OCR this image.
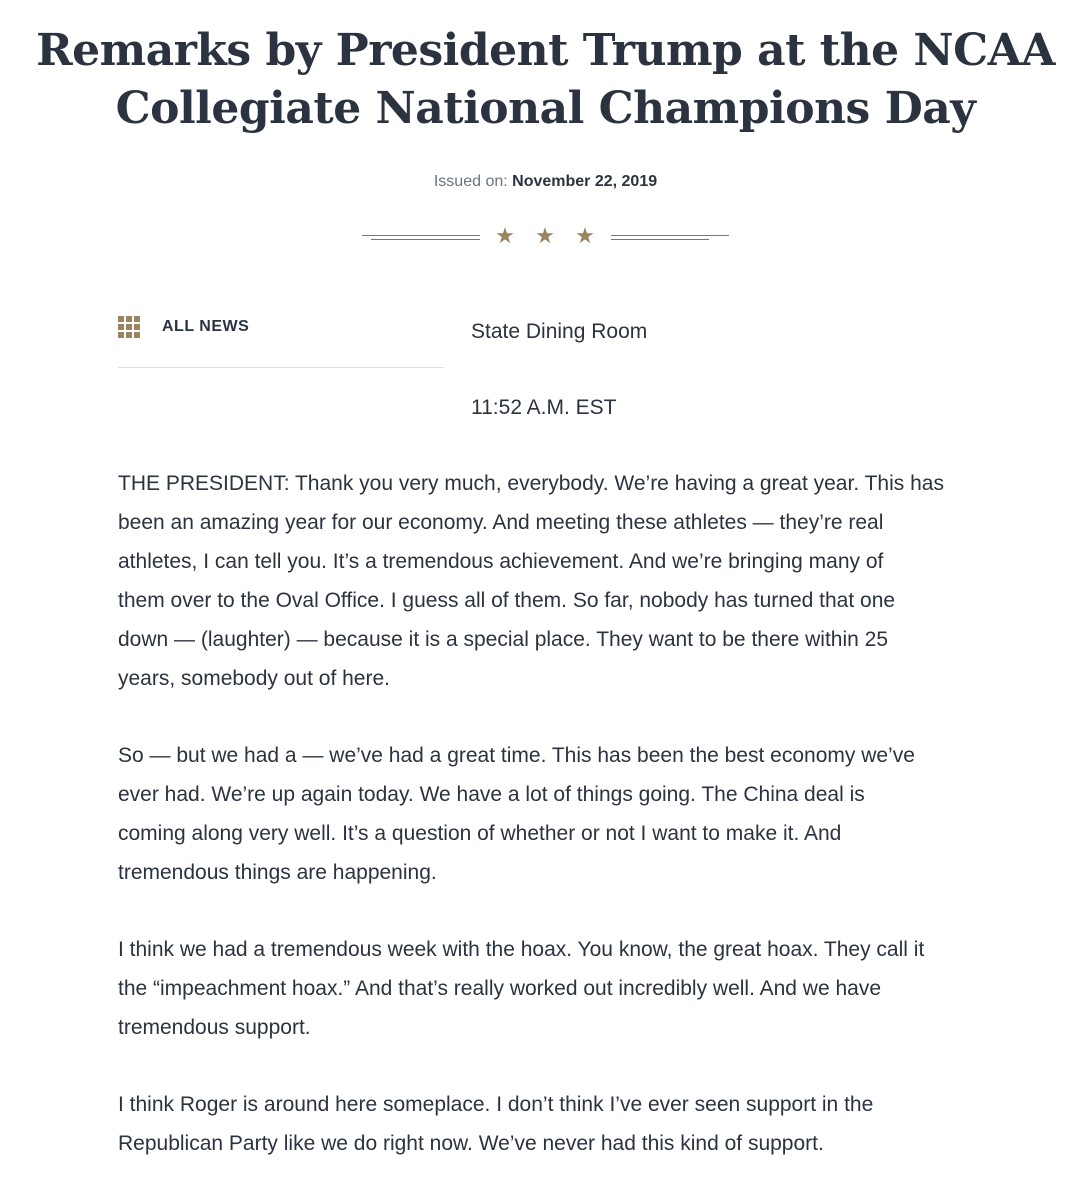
Remarks by President Trump at the NCAA
Collegiate National Champions Day
Issued on: November 22, 2019
★ ★ ★
ALL NEWS	State Dining Room
11:52 A.M. EST

THE PRESIDENT: Thank you very much, everybody. We’re having a great year. This has
been an amazing year for our economy. And meeting these athletes — they’re real
athletes, I can tell you. It’s a tremendous achievement. And we’re bringing many of
them over to the Oval Office. I guess all of them. So far, nobody has turned that one
down — (laughter) — because it is a special place. They want to be there within 25
years, somebody out of here.

So — but we had a — we’ve had a great time. This has been the best economy we’ve
ever had. We’re up again today. We have a lot of things going. The China deal is
coming along very well. It’s a question of whether or not I want to make it. And
tremendous things are happening.

I think we had a tremendous week with the hoax. You know, the great hoax. They call it
the “impeachment hoax.” And that’s really worked out incredibly well. And we have
tremendous support.

I think Roger is around here someplace. I don’t think I’ve ever seen support in the
Republican Party like we do right now. We’ve never had this kind of support.
